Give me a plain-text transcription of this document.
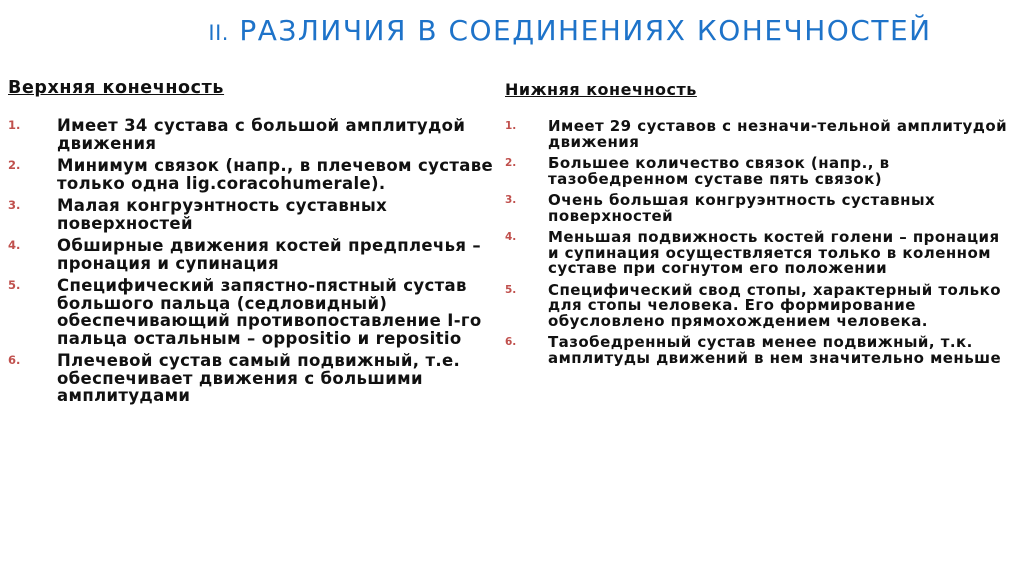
II. РАЗЛИЧИЯ В СОЕДИНЕНИЯХ КОНЕЧНОСТЕЙ
Верхняя конечность
1. Имеет 34 сустава с большой амплитудой движения
2. Минимум связок (напр., в плечевом суставе только одна lig.coracohumerale).
3. Малая конгруэнтность суставных поверхностей
4. Обширные движения костей предплечья – пронация и супинация
5. Специфический запястно-пястный сустав большого пальца (седловидный) обеспечивающий противопоставление I-го пальца остальным – oppositio и repositio
6. Плечевой сустав самый подвижный, т.е. обеспечивает движения с большими амплитудами
Нижняя конечность
1. Имеет 29 суставов с незначи-тельной амплитудой движения
2. Большее количество связок (напр., в тазобедренном суставе пять связок)
3. Очень большая конгруэнтность суставных поверхностей
4. Меньшая подвижность костей голени – пронация и супинация осуществляется только в коленном суставе при согнутом его положении
5. Специфический свод стопы, характерный только для стопы человека. Его формирование обусловлено прямохождением человека.
6. Тазобедренный сустав менее подвижный, т.к. амплитуды движений в нем значительно меньше
